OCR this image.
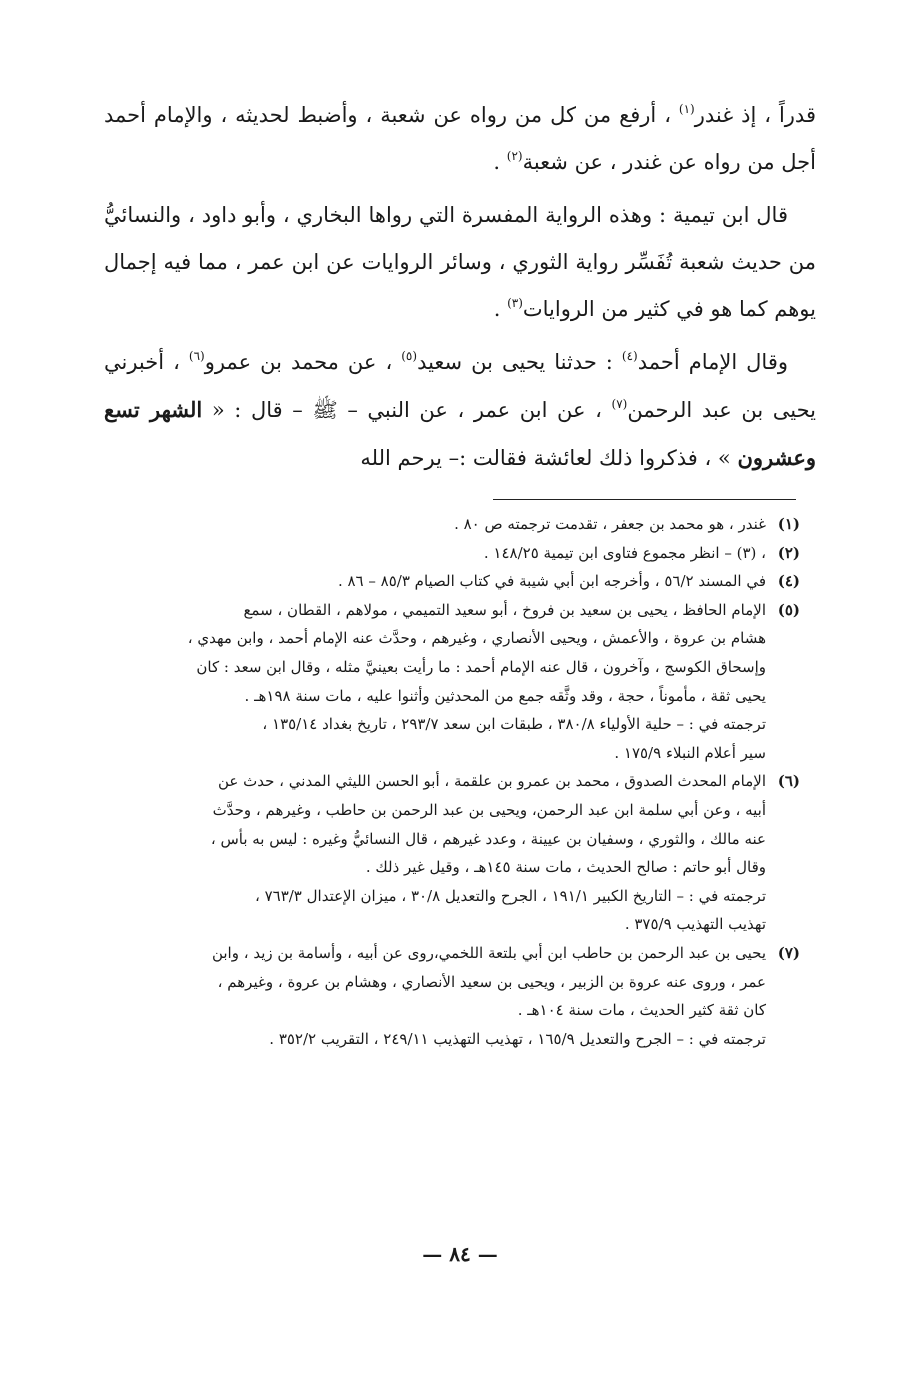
قدراً ، إذ غندر$^{(١)}$ ، أرفع من كل من رواه عن شعبة ، وأضبط لحديثه ، والإمام أحمد أجل من رواه عن غندر ، عن شعبة$^{(٢)}$ .

قال ابن تيمية : وهذه الرواية المفسرة التي رواها البخاري ، وأبو داود ، والنسائيُّ من حديث شعبة تُفَسِّر رواية الثوري ، وسائر الروايات عن ابن عمر ، مما فيه إجمال يوهم كما هو في كثير من الروايات$^{(٣)}$ .

وقال الإمام أحمد$^{(٤)}$ : حدثنا يحيى بن سعيد$^{(٥)}$ ، عن محمد بن عمرو$^{(٦)}$ ، أخبرني يحيى بن عبد الرحمن$^{(٧)}$ ، عن ابن عمر ، عن النبي – ﷺ – قال : « الشهر تسع وعشرون » ، فذكروا ذلك لعائشة فقالت :– يرحم الله

(١)
غندر ، هو محمد بن جعفر ، تقدمت ترجمته ص ٨٠ .
(٢)
، (٣) – انظر مجموع فتاوى ابن تيمية ١٤٨/٢٥ .
(٤)
في المسند ٥٦/٢ ، وأخرجه ابن أبي شيبة في كتاب الصيام ٨٥/٣ – ٨٦ .
(٥)
الإمام الحافظ ، يحيى بن سعيد بن فروخ ، أبو سعيد التميمي ، مولاهم ، القطان ، سمع
هشام بن عروة ، والأعمش ، ويحيى الأنصاري ، وغيرهم ، وحدَّث عنه الإمام أحمد ، وابن مهدي ،
وإسحاق الكوسج ، وآخرون ، قال عنه الإمام أحمد : ما رأيت بعينيَّ مثله ، وقال ابن سعد : كان
يحيى ثقة ، مأموناً ، حجة ، وقد وثَّقه جمع من المحدثين وأثنوا عليه ، مات سنة ١٩٨هـ .
ترجمته في : – حلية الأولياء ٣٨٠/٨ ، طبقات ابن سعد ٢٩٣/٧ ، تاريخ بغداد ١٣٥/١٤ ،
سير أعلام النبلاء ١٧٥/٩ .
(٦)
الإمام المحدث الصدوق ، محمد بن عمرو بن علقمة ، أبو الحسن الليثي المدني ، حدث عن
أبيه ، وعن أبي سلمة ابن عبد الرحمن، ويحيى بن عبد الرحمن بن حاطب ، وغيرهم ، وحدَّث
عنه مالك ، والثوري ، وسفيان بن عيينة ، وعدد غيرهم ، قال النسائيُّ وغيره : ليس به بأس ،
وقال أبو حاتم : صالح الحديث ، مات سنة ١٤٥هـ ، وقيل غير ذلك .
ترجمته في : – التاريخ الكبير ١٩١/١ ، الجرح والتعديل ٣٠/٨ ، ميزان الإعتدال ٧٦٣/٣ ،
تهذيب التهذيب ٣٧٥/٩ .
(٧)
يحيى بن عبد الرحمن بن حاطب ابن أبي بلتعة اللخمي،روى عن أبيه ، وأسامة بن زيد ، وابن
عمر ، وروى عنه عروة بن الزبير ، ويحيى بن سعيد الأنصاري ، وهشام بن عروة ، وغيرهم ،
كان ثقة كثير الحديث ، مات سنة ١٠٤هـ .
ترجمته في : – الجرح والتعديل ١٦٥/٩ ، تهذيب التهذيب ٢٤٩/١١ ، التقريب ٣٥٢/٢ .
— ٨٤ —
